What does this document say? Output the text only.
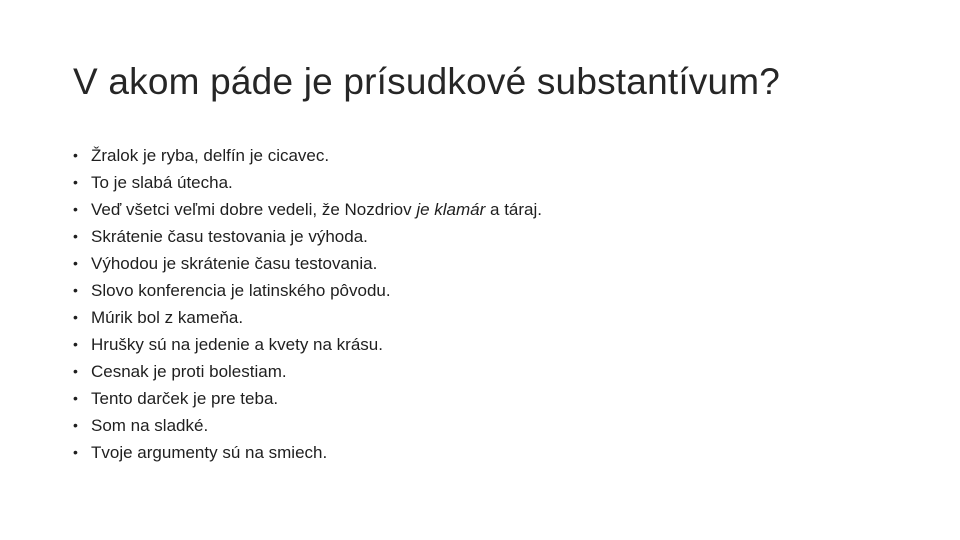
V akom páde je prísudkové substantívum?
• Žralok je ryba, delfín je cicavec.
• To je slabá útecha.
• Veď všetci veľmi dobre vedeli, že Nozdriov je klamár a táraj.
• Skrátenie času testovania je výhoda.
• Výhodou je skrátenie času testovania.
• Slovo konferencia je latinského pôvodu.
• Múrik bol z kameňa.
• Hrušky sú na jedenie a kvety na krásu.
• Cesnak je proti bolestiam.
• Tento darček je pre teba.
• Som na sladké.
• Tvoje argumenty sú na smiech.
